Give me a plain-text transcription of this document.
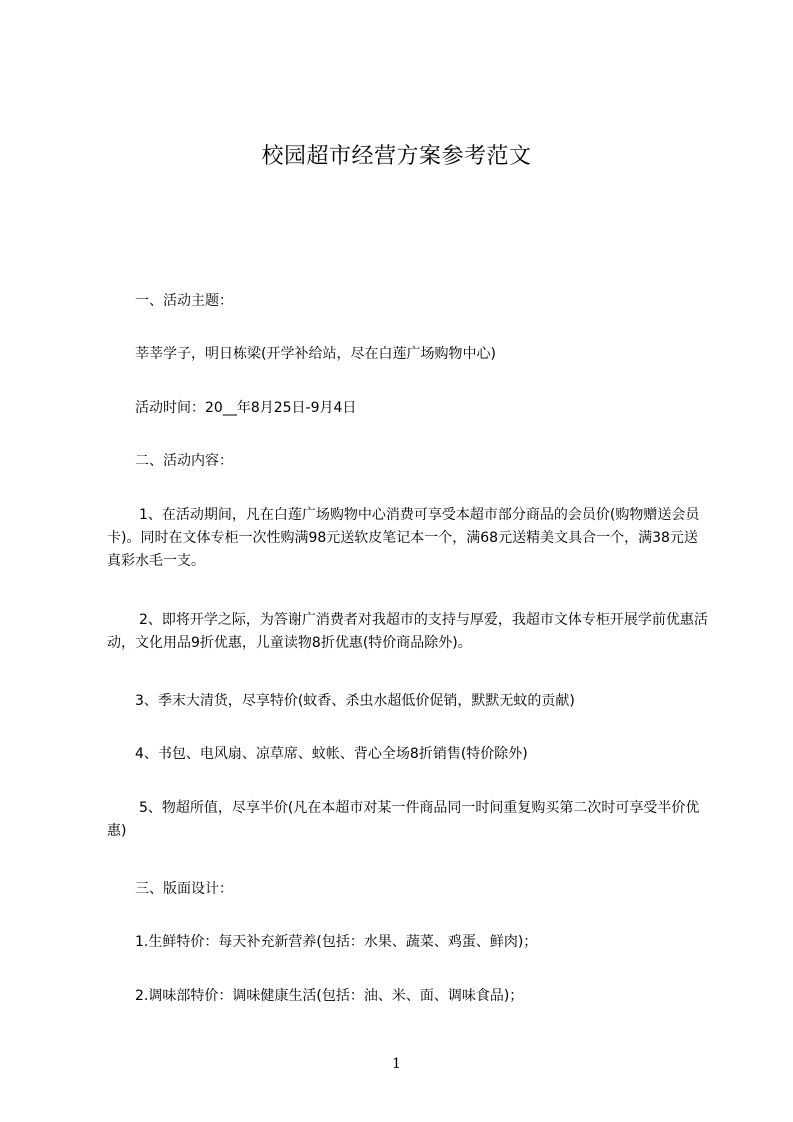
校园超市经营方案参考范文

一、活动主题：

莘莘学子，明日栋梁(开学补给站，尽在白莲广场购物中心)

活动时间：20__年8月25日-9月4日

二、活动内容：

1、在活动期间，凡在白莲广场购物中心消费可享受本超市部分商品的会员价(购物赠送会员卡)。同时在文体专柜一次性购满98元送软皮笔记本一个，满68元送精美文具合一个，满38元送真彩水毛一支。

2、即将开学之际，为答谢广消费者对我超市的支持与厚爱，我超市文体专柜开展学前优惠活动，文化用品9折优惠，儿童读物8折优惠(特价商品除外)。

3、季末大清货，尽享特价(蚊香、杀虫水超低价促销，默默无蚊的贡献)

4、书包、电风扇、凉草席、蚊帐、背心全场8折销售(特价除外)

5、物超所值，尽享半价(凡在本超市对某一件商品同一时间重复购买第二次时可享受半价优惠)

三、版面设计：

1.生鲜特价：每天补充新营养(包括：水果、蔬菜、鸡蛋、鲜肉)；

2.调味部特价：调味健康生活(包括：油、米、面、调味食品)；

1
